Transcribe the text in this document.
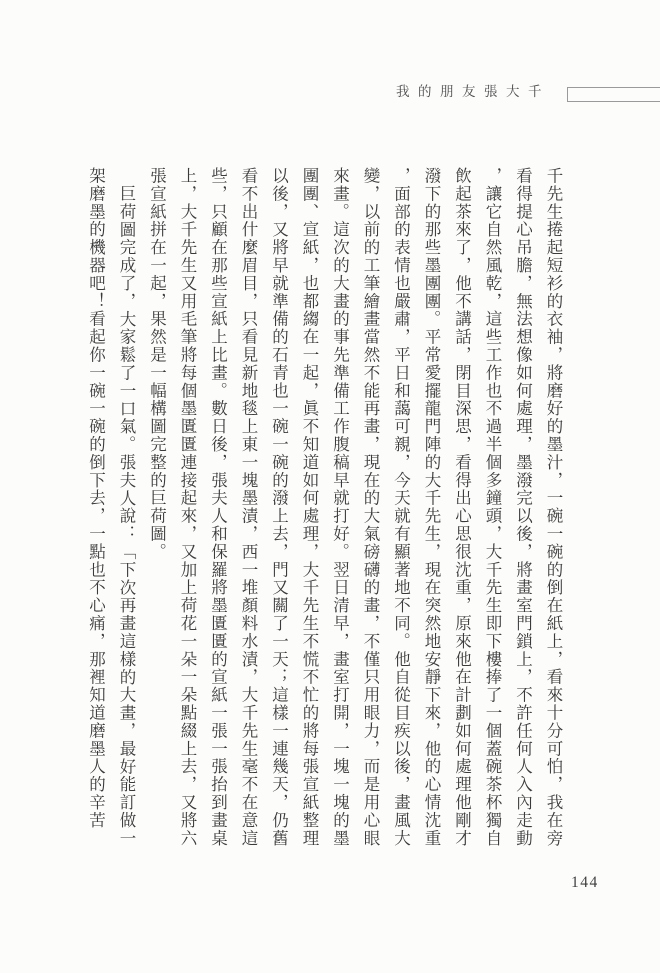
我的朋友張大千

千先生捲起短衫的衣袖，將磨好的墨汁，一碗一碗的倒在紙上，看來十分可怕，我在旁看得提心吊膽，無法想像如何處理，墨潑完以後，將畫室門鎖上，不許任何人入內走動，讓它自然風乾，這些工作也不過半個多鐘頭，大千先生即下樓捧了一個蓋碗茶杯獨自飲起茶來了，他不講話，閉目深思，看得出心思很沈重，原來他在計劃如何處理他剛才潑下的那些墨團團。平常愛擺龍門陣的大千先生，現在突然地安靜下來，他的心情沈重，面部的表情也嚴肅，平日和藹可親，今天就有顯著地不同。他自從目疾以後，畫風大變，以前的工筆繪畫當然不能再畫，現在的大氣磅礴的畫，不僅只用眼力，而是用心眼來畫。這次的大畫的事先準備工作腹稿早就打好。翌日清早，畫室打開，一塊一塊的墨團團、宣紙，也都縐在一起，眞不知道如何處理，大千先生不慌不忙的將每張宣紙整理以後，又將早就準備的石青也一碗一碗的潑上去，門又關了一天；這樣一連幾天，仍舊看不出什麼眉目，只看見新地毯上東一塊墨漬，西一堆顏料水漬，大千先生毫不在意這些，只顧在那些宣紙上比畫。數日後，張夫人和保羅將墨匱匱的宣紙一張一張抬到畫桌上，大千先生又用毛筆將每個墨匱匱連接起來，又加上荷花一朵一朵點綴上去，又將六張宣紙拼在一起，果然是一幅構圖完整的巨荷圖。

巨荷圖完成了，大家鬆了一口氣。張夫人說：「下次再畫這樣的大畫，最好能訂做一架磨墨的機器吧！看起你一碗一碗的倒下去，一點也不心痛，那裡知道磨墨人的辛苦

144
